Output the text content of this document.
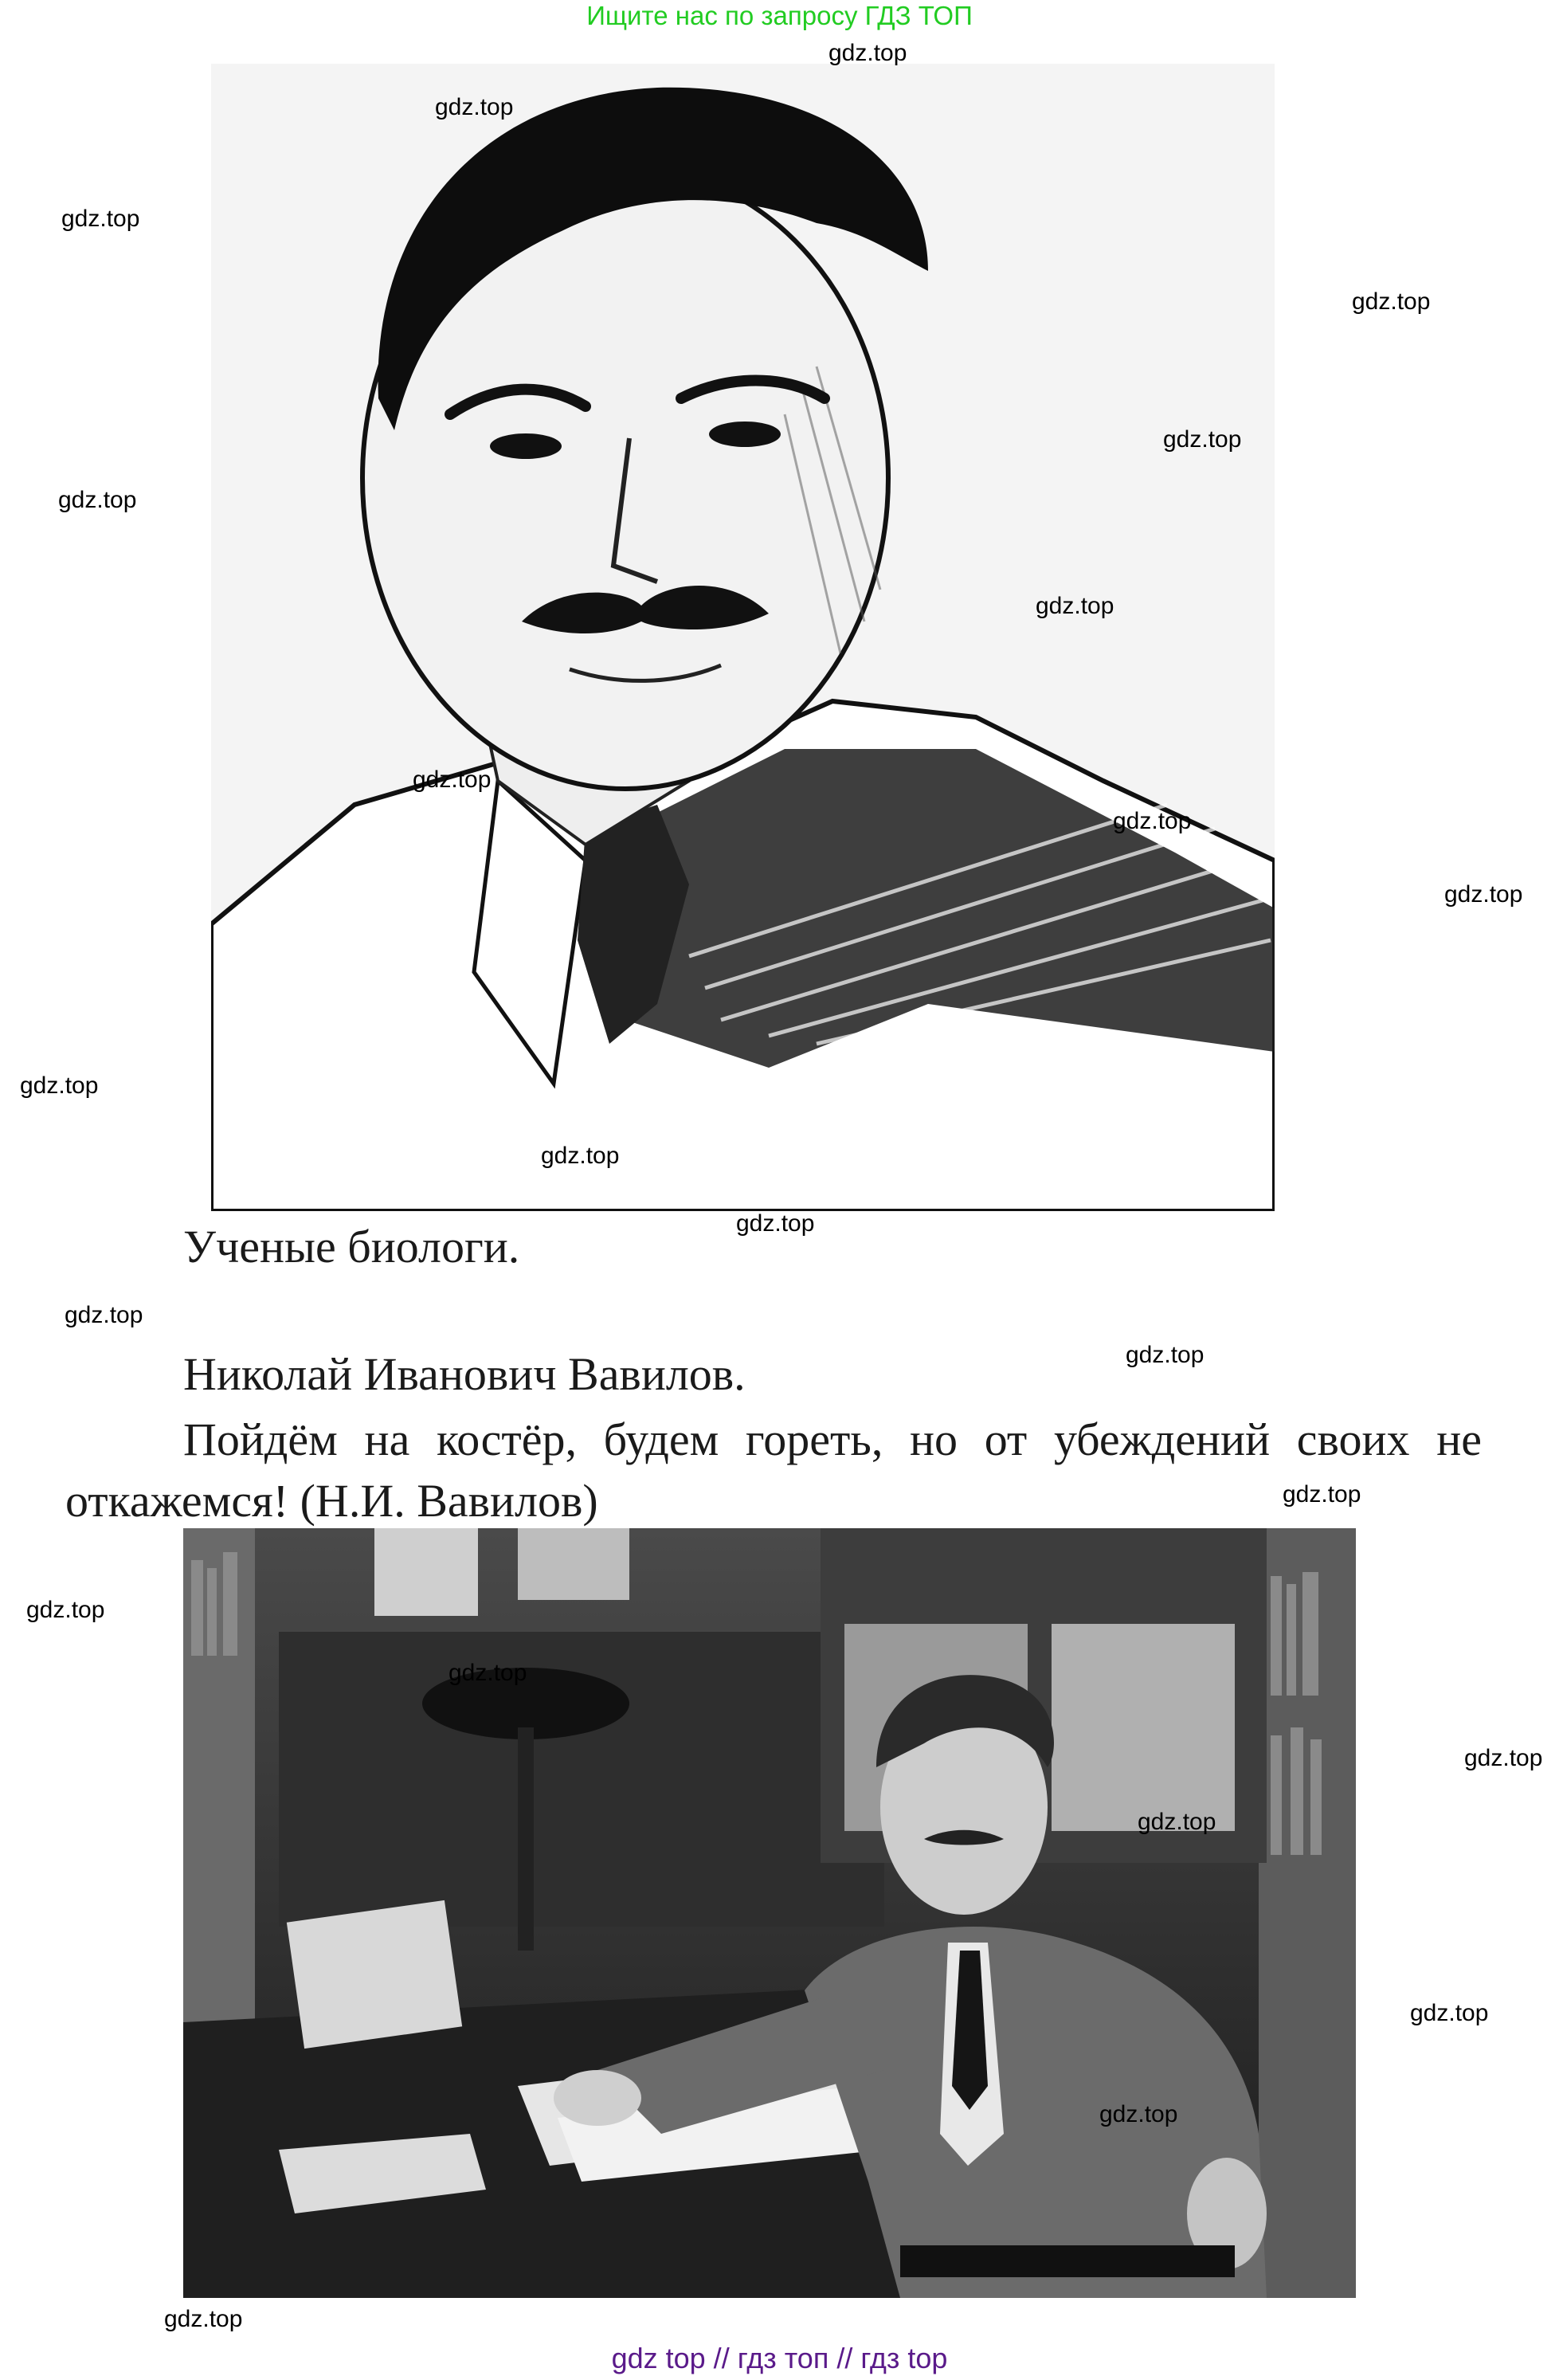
Ищите нас по запросу ГДЗ ТОП
Ученые биологи.
Николай Иванович Вавилов.
Пойдём на костёр, будем гореть, но от убеждений своих не откажемся! (Н.И. Вавилов)
gdz.top
gdz.top
gdz.top
gdz.top
gdz.top
gdz.top
gdz.top
gdz.top
gdz.top
gdz.top
gdz.top
gdz.top
gdz.top
gdz.top
gdz.top
gdz.top
gdz.top
gdz.top
gdz.top
gdz.top
gdz.top
gdz.top
gdz.top
gdz top // гдз топ // гдз top
